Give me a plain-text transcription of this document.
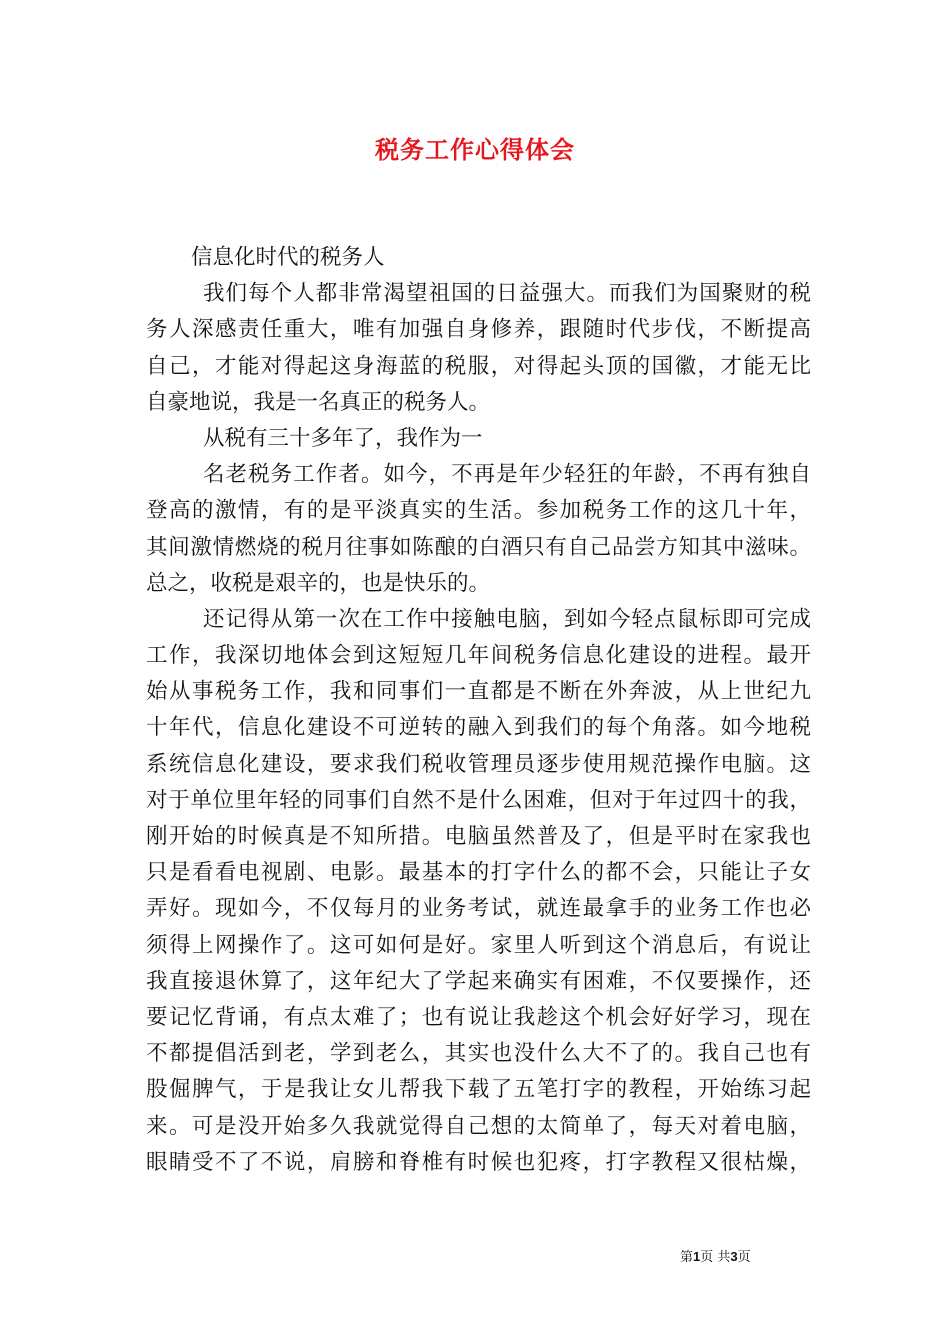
税务工作心得体会
信息化时代的税务人
我们每个人都非常渴望祖国的日益强大。而我们为国聚财的税
务人深感责任重大，唯有加强自身修养，跟随时代步伐，不断提高
自己，才能对得起这身海蓝的税服，对得起头顶的国徽，才能无比
自豪地说，我是一名真正的税务人。
从税有三十多年了，我作为一
名老税务工作者。如今，不再是年少轻狂的年龄，不再有独自
登高的激情，有的是平淡真实的生活。参加税务工作的这几十年，
其间激情燃烧的税月往事如陈酿的白酒只有自己品尝方知其中滋味。
总之，收税是艰辛的，也是快乐的。
还记得从第一次在工作中接触电脑，到如今轻点鼠标即可完成
工作，我深切地体会到这短短几年间税务信息化建设的进程。最开
始从事税务工作，我和同事们一直都是不断在外奔波，从上世纪九
十年代，信息化建设不可逆转的融入到我们的每个角落。如今地税
系统信息化建设，要求我们税收管理员逐步使用规范操作电脑。这
对于单位里年轻的同事们自然不是什么困难，但对于年过四十的我，
刚开始的时候真是不知所措。电脑虽然普及了，但是平时在家我也
只是看看电视剧、电影。最基本的打字什么的都不会，只能让子女
弄好。现如今，不仅每月的业务考试，就连最拿手的业务工作也必
须得上网操作了。这可如何是好。家里人听到这个消息后，有说让
我直接退休算了，这年纪大了学起来确实有困难，不仅要操作，还
要记忆背诵，有点太难了；也有说让我趁这个机会好好学习，现在
不都提倡活到老，学到老么，其实也没什么大不了的。我自己也有
股倔脾气，于是我让女儿帮我下载了五笔打字的教程，开始练习起
来。可是没开始多久我就觉得自己想的太简单了，每天对着电脑，
眼睛受不了不说，肩膀和脊椎有时候也犯疼，打字教程又很枯燥，
第1页 共3页
